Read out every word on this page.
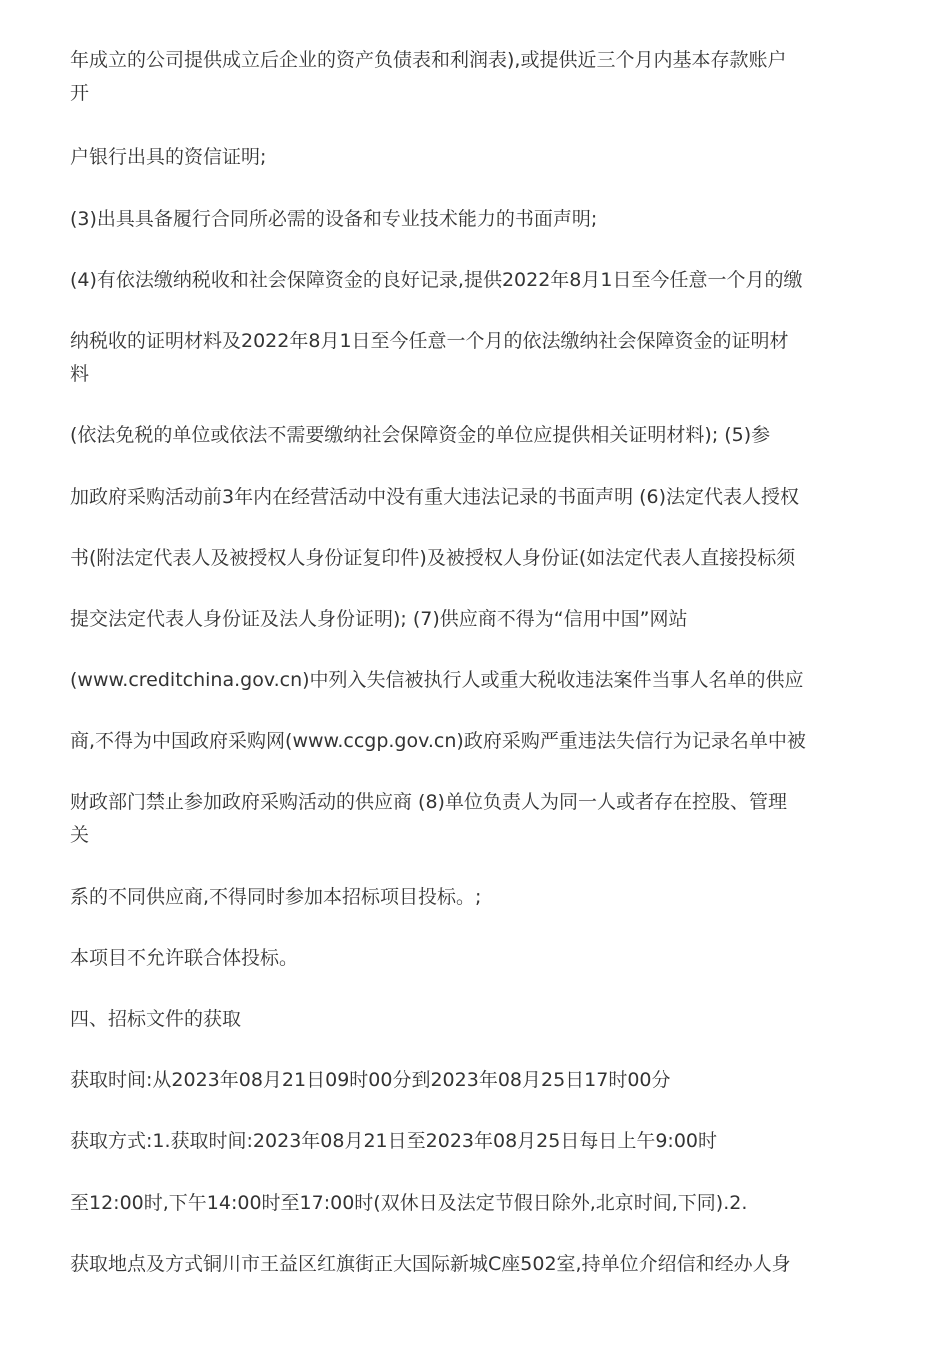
年成立的公司提供成立后企业的资产负债表和利润表),或提供近三个月内基本存款账户
开

户银行出具的资信证明;

(3)出具具备履行合同所必需的设备和专业技术能力的书面声明;

(4)有依法缴纳税收和社会保障资金的良好记录,提供2022年8月1日至今任意一个月的缴

纳税收的证明材料及2022年8月1日至今任意一个月的依法缴纳社会保障资金的证明材
料

(依法免税的单位或依法不需要缴纳社会保障资金的单位应提供相关证明材料); (5)参

加政府采购活动前3年内在经营活动中没有重大违法记录的书面声明 (6)法定代表人授权

书(附法定代表人及被授权人身份证复印件)及被授权人身份证(如法定代表人直接投标须

提交法定代表人身份证及法人身份证明); (7)供应商不得为“信用中国”网站

(www.creditchina.gov.cn)中列入失信被执行人或重大税收违法案件当事人名单的供应

商,不得为中国政府采购网(www.ccgp.gov.cn)政府采购严重违法失信行为记录名单中被

财政部门禁止参加政府采购活动的供应商 (8)单位负责人为同一人或者存在控股、管理
关

系的不同供应商,不得同时参加本招标项目投标。;

本项目不允许联合体投标。

四、招标文件的获取

获取时间:从2023年08月21日09时00分到2023年08月25日17时00分

获取方式:1.获取时间:2023年08月21日至2023年08月25日每日上午9:00时

至12:00时,下午14:00时至17:00时(双休日及法定节假日除外,北京时间,下同).2.

获取地点及方式铜川市王益区红旗街正大国际新城C座502室,持单位介绍信和经办人身
